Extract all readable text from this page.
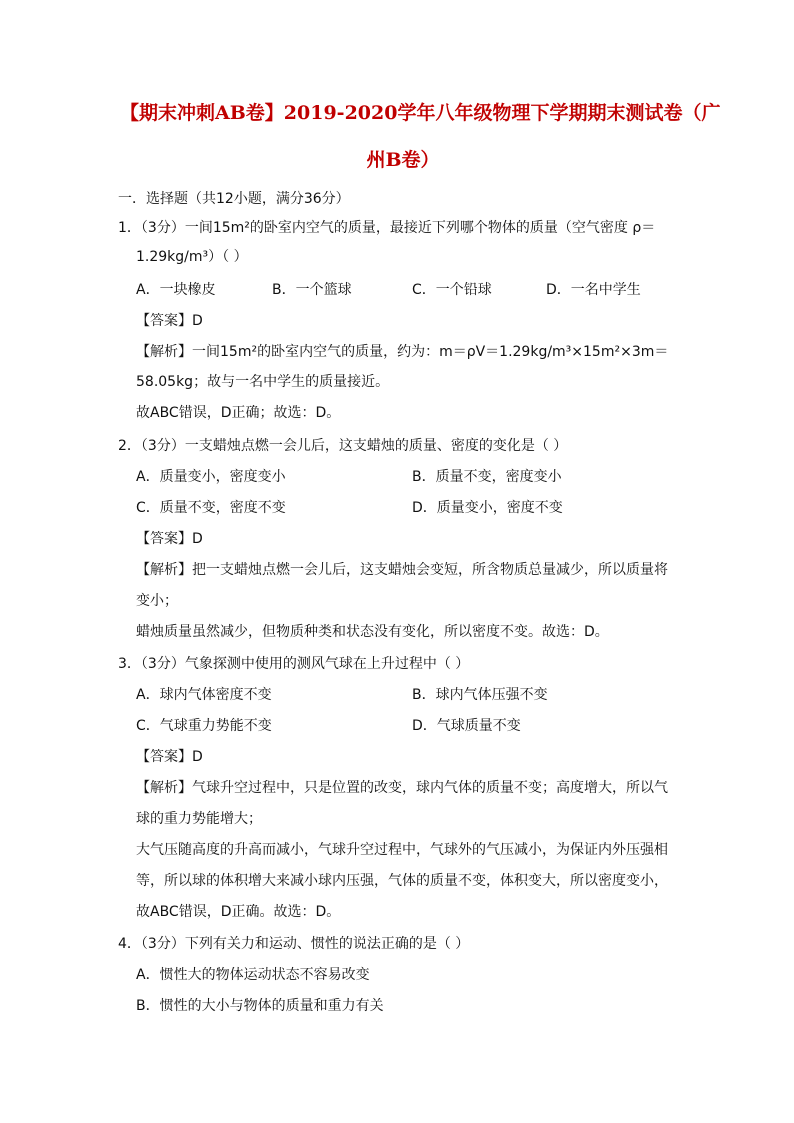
【期末冲刺AB卷】2019-2020学年八年级物理下学期期末测试卷（广
州B卷）
一．选择题（共12小题，满分36分）
1．（3分）一间15m²的卧室内空气的质量，最接近下列哪个物体的质量（空气密度 ρ＝
1.29kg/m³）（ ）
A．一块橡皮	B．一个篮球	C．一个铅球	D．一名中学生
【答案】D
【解析】一间15m²的卧室内空气的质量，约为：m＝ρV＝1.29kg/m³×15m²×3m＝
58.05kg；故与一名中学生的质量接近。
故ABC错误，D正确；故选：D。
2．（3分）一支蜡烛点燃一会儿后，这支蜡烛的质量、密度的变化是（ ）
A．质量变小，密度变小	B．质量不变，密度变小
C．质量不变，密度不变	D．质量变小，密度不变
【答案】D
【解析】把一支蜡烛点燃一会儿后，这支蜡烛会变短，所含物质总量减少，所以质量将
变小；
蜡烛质量虽然减少，但物质种类和状态没有变化，所以密度不变。故选：D。
3．（3分）气象探测中使用的测风气球在上升过程中（ ）
A．球内气体密度不变	B．球内气体压强不变
C．气球重力势能不变	D．气球质量不变
【答案】D
【解析】气球升空过程中，只是位置的改变，球内气体的质量不变；高度增大，所以气
球的重力势能增大；
大气压随高度的升高而减小，气球升空过程中，气球外的气压减小，为保证内外压强相
等，所以球的体积增大来减小球内压强，气体的质量不变，体积变大，所以密度变小，
故ABC错误，D正确。故选：D。
4．（3分）下列有关力和运动、惯性的说法正确的是（ ）
A．惯性大的物体运动状态不容易改变
B．惯性的大小与物体的质量和重力有关
